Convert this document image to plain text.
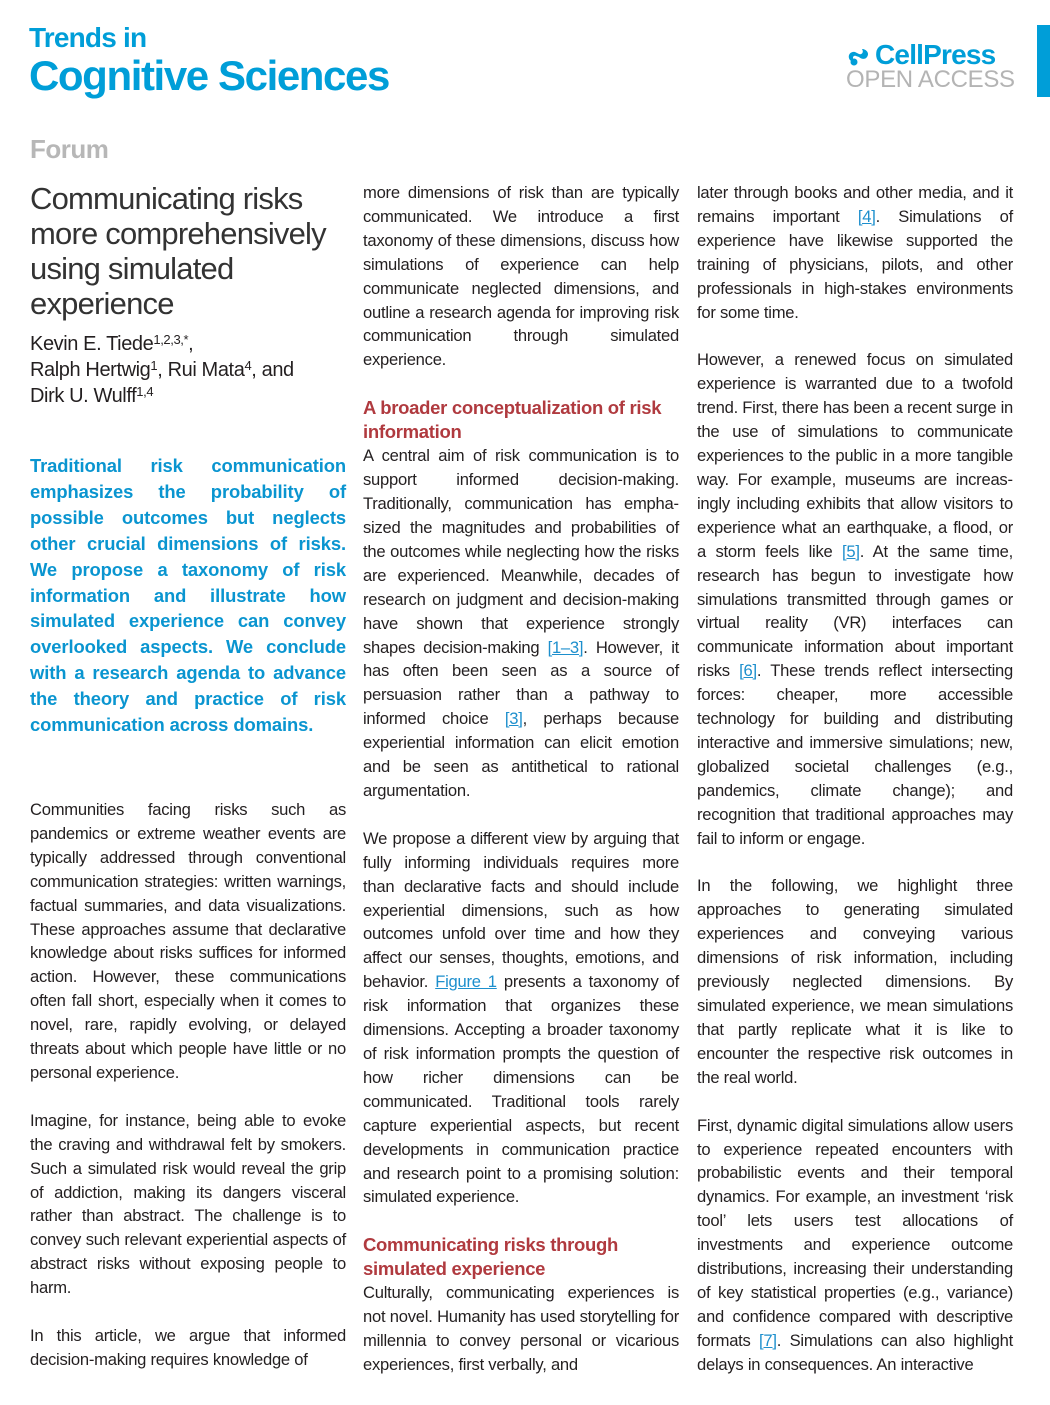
Trends in
Cognitive Sciences	CellPress
OPEN ACCESS
Forum
Communicating risks more comprehensively using simulated experience
Kevin E. Tiede$^{1,2,3,*}$,
Ralph Hertwig$^1$, Rui Mata$^4$, and
Dirk U. Wulff$^{1,4}$
Traditional risk communication emphasizes the probability of possible outcomes but neglects other crucial dimensions of risks. We propose a taxonomy of risk information and illustrate how simulated experience can convey overlooked aspects. We conclude with a research agenda to advance the theory and practice of risk communication across domains.

Communities facing risks such as pandemics or extreme weather events are typically addressed through conventional communication strategies: written warnings, factual summaries, and data visualizations. These approaches assume that declarative knowledge about risks suffices for informed action. However, these communications often fall short, especially when it comes to novel, rare, rapidly evolving, or delayed threats about which people have little or no personal experience.

Imagine, for instance, being able to evoke the craving and withdrawal felt by smokers. Such a simulated risk would reveal the grip of addiction, making its dangers visceral rather than abstract. The challenge is to convey such relevant experiential aspects of abstract risks without exposing people to harm.

In this article, we argue that informed decision-making requires knowledge of

more dimensions of risk than are typically communicated. We introduce a first taxonomy of these dimensions, discuss how simulations of experience can help communicate neglected dimensions, and outline a research agenda for improving risk communication through simulated experience.

A broader conceptualization of risk information

A central aim of risk communication is to support informed decision-making. Traditionally, communication has emphasized the magnitudes and probabilities of the outcomes while neglecting how the risks are experienced. Meanwhile, decades of research on judgment and decision-making have shown that experience strongly shapes decision-making [1–3]. However, it has often been seen as a source of persuasion rather than a pathway to informed choice [3], perhaps because experiential information can elicit emotion and be seen as antithetical to rational argumentation.

We propose a different view by arguing that fully informing individuals requires more than declarative facts and should include experiential dimensions, such as how outcomes unfold over time and how they affect our senses, thoughts, emotions, and behavior. Figure 1 presents a taxonomy of risk information that organizes these dimensions. Accepting a broader taxonomy of risk information prompts the question of how richer dimensions can be communicated. Traditional tools rarely capture experiential aspects, but recent developments in communication practice and research point to a promising solution: simulated experience.

Communicating risks through simulated experience

Culturally, communicating experiences is not novel. Humanity has used storytelling for millennia to convey personal or vicarious experiences, first verbally, and

later through books and other media, and it remains important [4]. Simulations of experience have likewise supported the training of physicians, pilots, and other professionals in high-stakes environments for some time.

However, a renewed focus on simulated experience is warranted due to a twofold trend. First, there has been a recent surge in the use of simulations to communicate experiences to the public in a more tangible way. For example, museums are increasingly including exhibits that allow visitors to experience what an earthquake, a flood, or a storm feels like [5]. At the same time, research has begun to investigate how simulations transmitted through games or virtual reality (VR) interfaces can communicate information about important risks [6]. These trends reflect intersecting forces: cheaper, more accessible technology for building and distributing interactive and immersive simulations; new, globalized societal challenges (e.g., pandemics, climate change); and recognition that traditional approaches may fail to inform or engage.

In the following, we highlight three approaches to generating simulated experiences and conveying various dimensions of risk information, including previously neglected dimensions. By simulated experience, we mean simulations that partly replicate what it is like to encounter the respective risk outcomes in the real world.

First, dynamic digital simulations allow users to experience repeated encounters with probabilistic events and their temporal dynamics. For example, an investment ‘risk tool’ lets users test allocations of investments and experience outcome distributions, increasing their understanding of key statistical properties (e.g., variance) and confidence compared with descriptive formats [7]. Simulations can also highlight delays in consequences. An interactive
